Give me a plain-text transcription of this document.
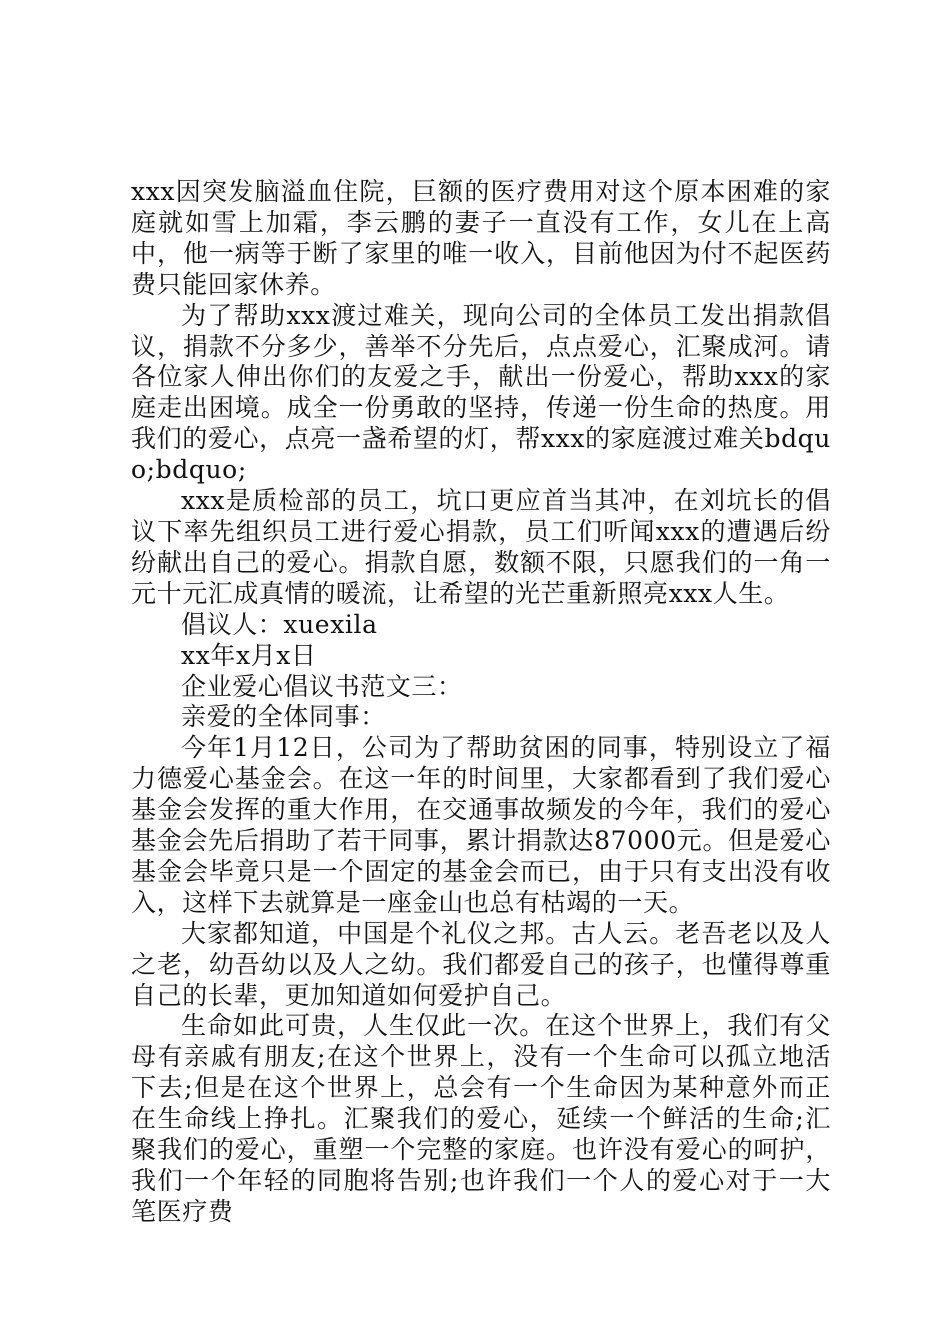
xxx因突发脑溢血住院，巨额的医疗费用对这个原本困难的家庭就如雪上加霜，李云鹏的妻子一直没有工作，女儿在上高中，他一病等于断了家里的唯一收入，目前他因为付不起医药费只能回家休养。

为了帮助xxx渡过难关，现向公司的全体员工发出捐款倡议，捐款不分多少，善举不分先后，点点爱心，汇聚成河。请各位家人伸出你们的友爱之手，献出一份爱心，帮助xxx的家庭走出困境。成全一份勇敢的坚持，传递一份生命的热度。用我们的爱心，点亮一盏希望的灯，帮xxx的家庭渡过难关bdquo;bdquo;

xxx是质检部的员工，坑口更应首当其冲，在刘坑长的倡议下率先组织员工进行爱心捐款，员工们听闻xxx的遭遇后纷纷献出自己的爱心。捐款自愿，数额不限，只愿我们的一角一元十元汇成真情的暖流，让希望的光芒重新照亮xxx人生。

倡议人：xuexila

xx年x月x日

企业爱心倡议书范文三：

亲爱的全体同事：

今年1月12日，公司为了帮助贫困的同事，特别设立了福力德爱心基金会。在这一年的时间里，大家都看到了我们爱心基金会发挥的重大作用，在交通事故频发的今年，我们的爱心基金会先后捐助了若干同事，累计捐款达87000元。但是爱心基金会毕竟只是一个固定的基金会而已，由于只有支出没有收入，这样下去就算是一座金山也总有枯竭的一天。

大家都知道，中国是个礼仪之邦。古人云。老吾老以及人之老，幼吾幼以及人之幼。我们都爱自己的孩子，也懂得尊重自己的长辈，更加知道如何爱护自己。

生命如此可贵，人生仅此一次。在这个世界上，我们有父母有亲戚有朋友;在这个世界上，没有一个生命可以孤立地活下去;但是在这个世界上，总会有一个生命因为某种意外而正在生命线上挣扎。汇聚我们的爱心，延续一个鲜活的生命;汇聚我们的爱心，重塑一个完整的家庭。也许没有爱心的呵护，我们一个年轻的同胞将告别;也许我们一个人的爱心对于一大笔医疗费
